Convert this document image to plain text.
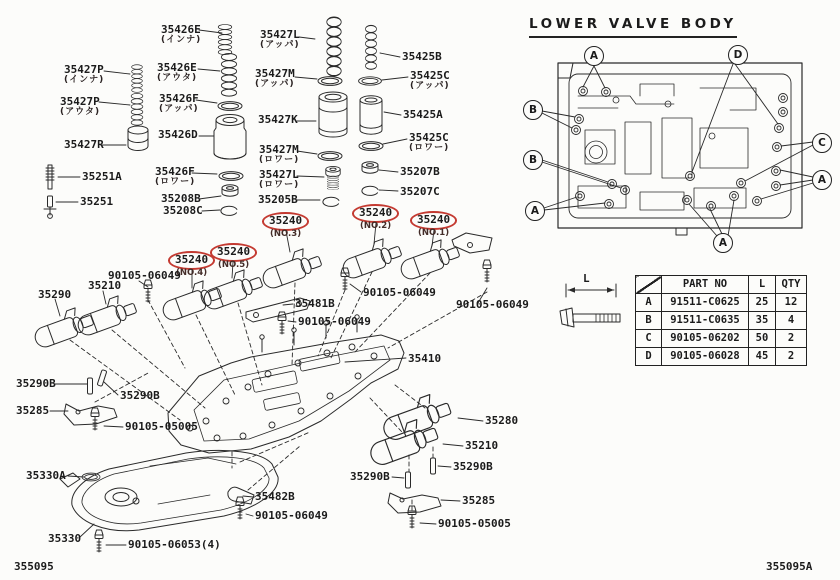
35426E
(インナ)
35427P
(インナ)
35426E
(アウタ)
35427P
(アウタ)
35426F
(アッパ)
35427R
35426D
35251A
35251
35426F
(ロワー)
35208B
35208C
35427L
(アッパ)
35425B
35427M
(アッパ)
35425C
(アッパ)
35427K	35425A
35425C
(ロワー)
35427M
(ロワー)
35207B
35427L
(ロワー)
35207C
35205B
35240
(NO.3)
35240
(NO.2)	35240
(NO.1)
35240
(NO.4)
35240
(NO.5)
90105-06049
35290
35210
90105-06049
90105-06049
35481B
90105-06049
35410
35290B
35290B
35285
90105-05005
35330A
35330	90105-06053(4)
35280
35210
35290B
35290B
35285
90105-05005
35482B
90105-06049
A	D
B
B
C
A
A
A
LOWER VALVE BODY
L
		PART NO	L	QTY
A	91511-C0625	25	12
B	91511-C0635	35	4
C	90105-06202	50	2
D	90105-06028	45	2
355095	355095A
